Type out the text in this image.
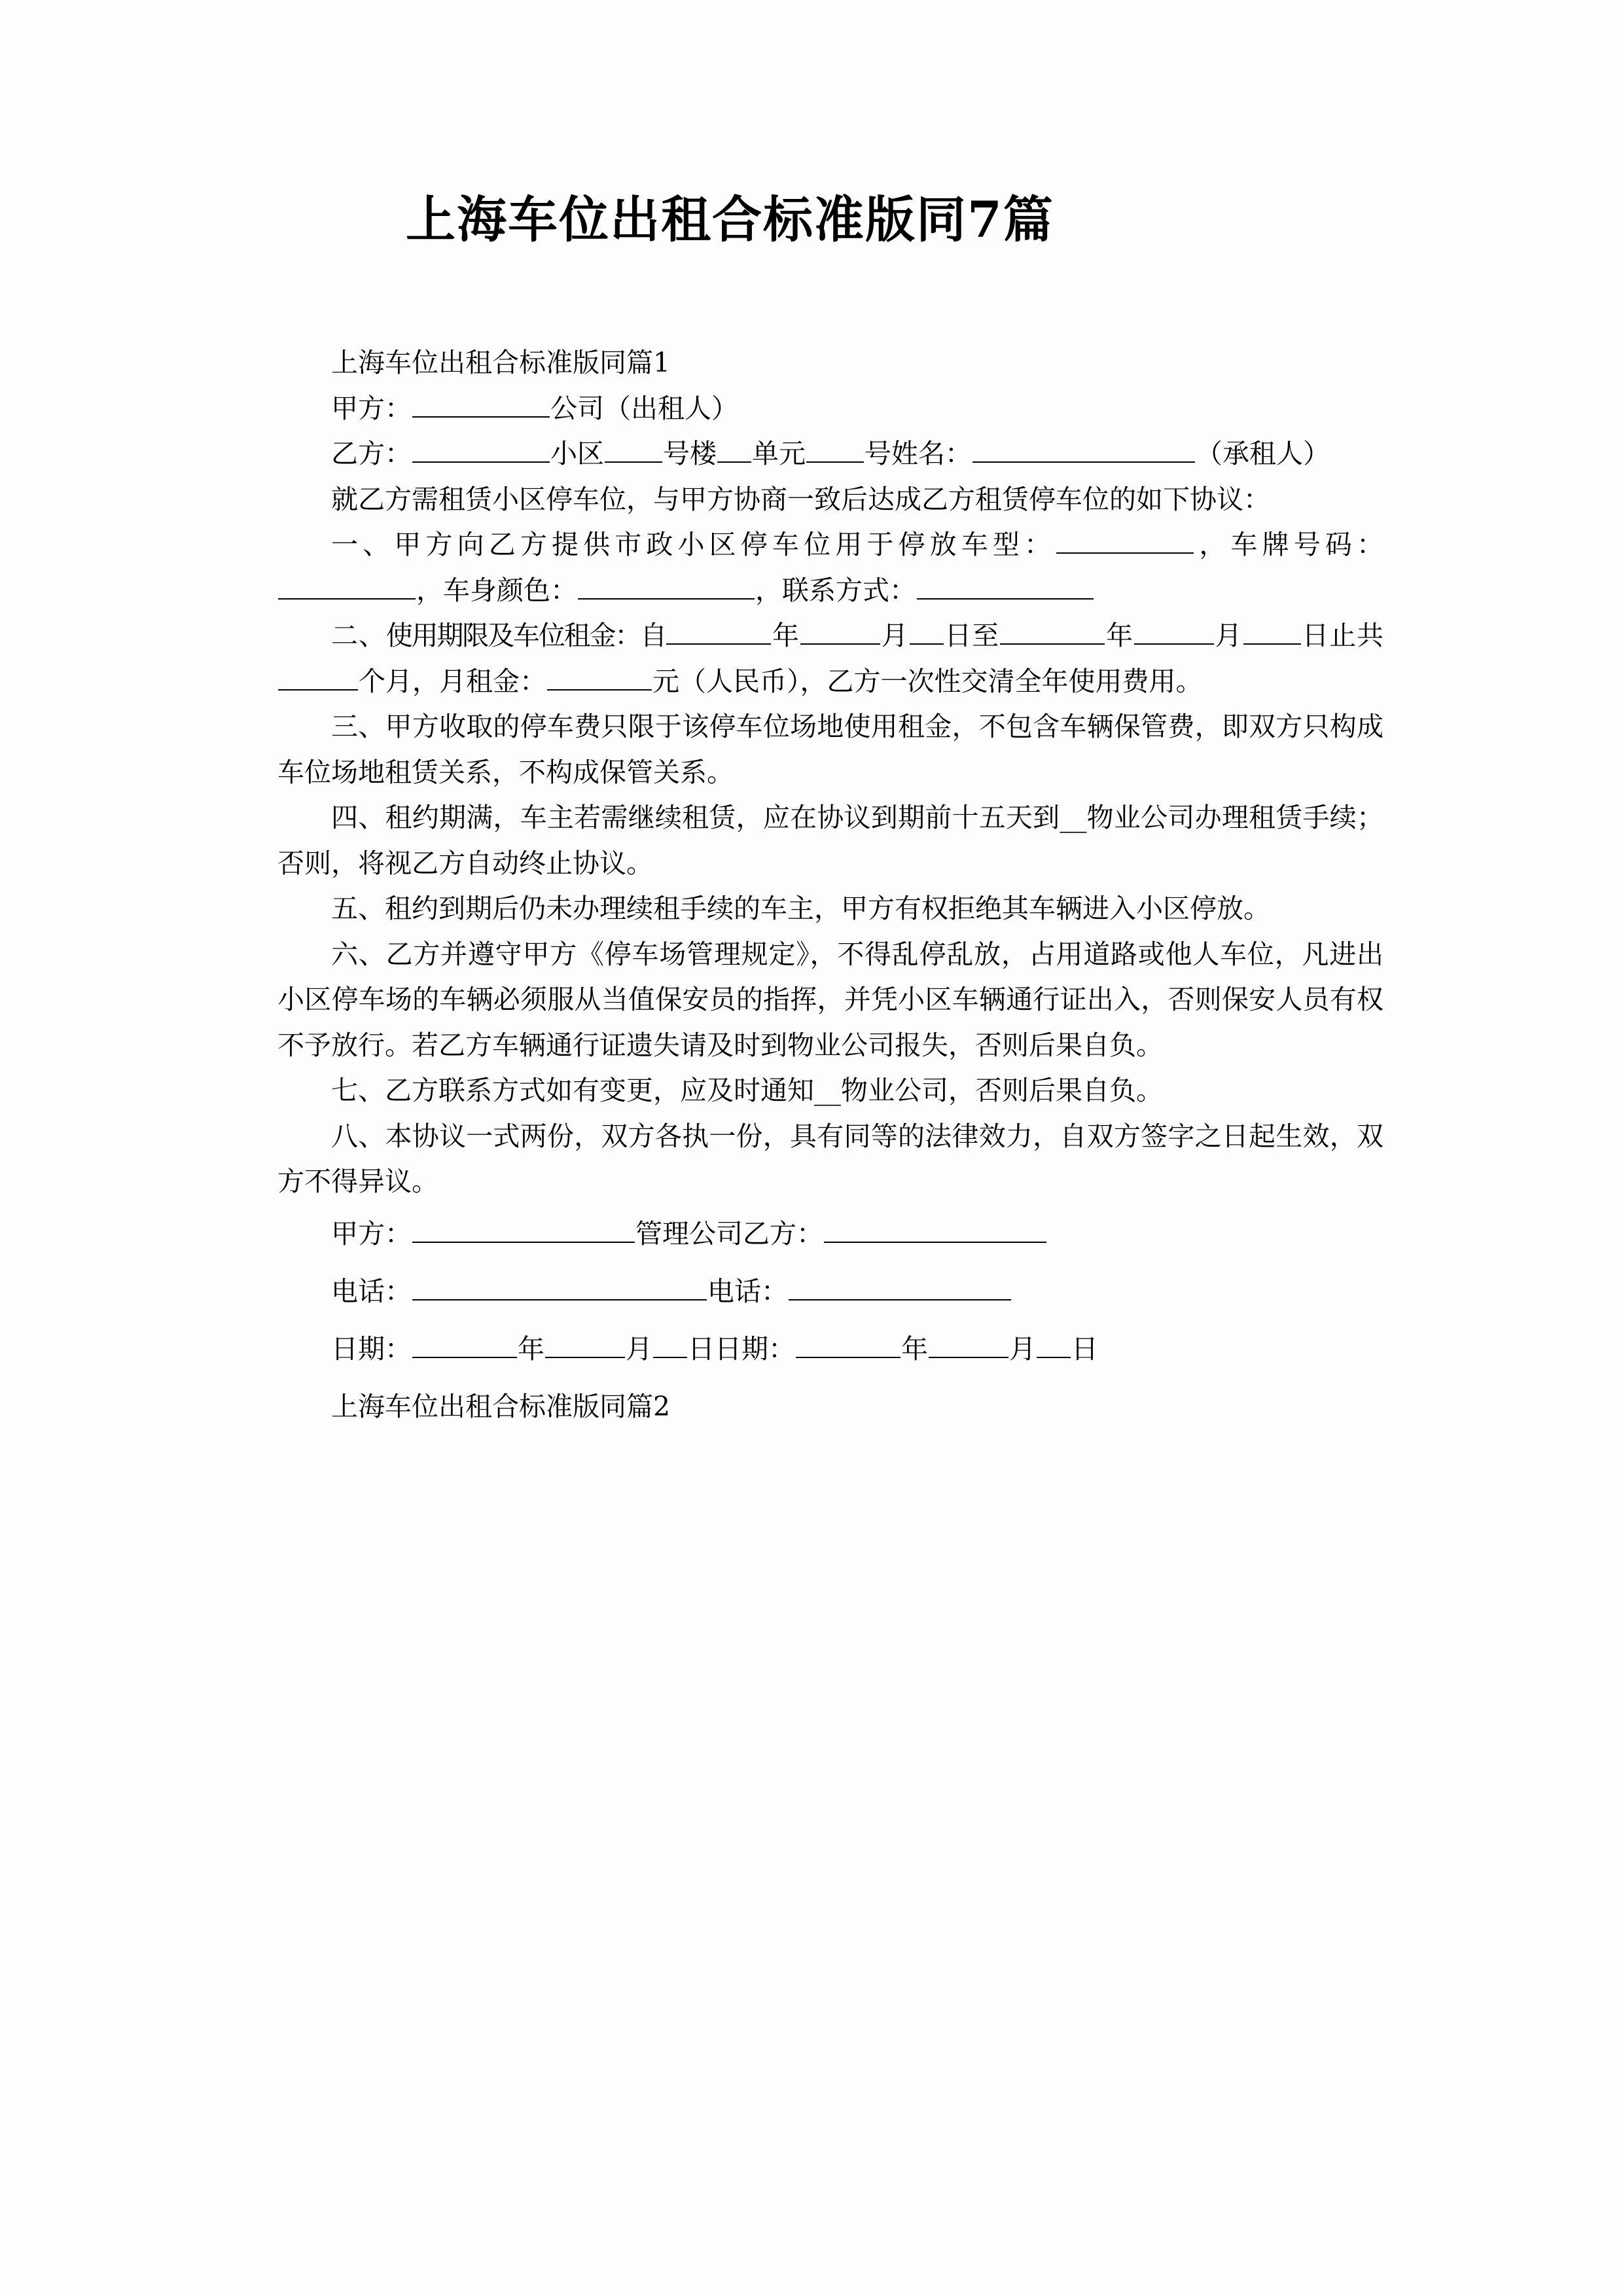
上海车位出租合标准版同7篇

上海车位出租合标准版同篇1

甲方：	公司（出租人）

乙方：	小区 号楼 单元 号姓名：	（承租人）

就乙方需租赁小区停车位，与甲方协商一致后达成乙方租赁停车位的如下协议：

一、甲方向乙方提供市政小区停车位用于停放车型：	，车牌号码：，车身颜色：	，联系方式：

二、使用期限及车位租金：自	年	月 日至	年	月 日止共个月，月租金：	元（人民币），乙方一次性交清全年使用费用。

三、甲方收取的停车费只限于该停车位场地使用租金，不包含车辆保管费，即双方只构成车位场地租赁关系，不构成保管关系。

四、租约期满，车主若需继续租赁，应在协议到期前十五天到__物业公司办理租赁手续；否则，将视乙方自动终止协议。

五、租约到期后仍未办理续租手续的车主，甲方有权拒绝其车辆进入小区停放。

六、乙方并遵守甲方《停车场管理规定》，不得乱停乱放，占用道路或他人车位，凡进出小区停车场的车辆必须服从当值保安员的指挥，并凭小区车辆通行证出入，否则保安人员有权不予放行。若乙方车辆通行证遗失请及时到物业公司报失，否则后果自负。

七、乙方联系方式如有变更，应及时通知__物业公司，否则后果自负。

八、本协议一式两份，双方各执一份，具有同等的法律效力，自双方签字之日起生效，双方不得异议。

甲方：	管理公司乙方：

电话：	电话：

日期：	年	月 日日期：	年	月 日

上海车位出租合标准版同篇2
